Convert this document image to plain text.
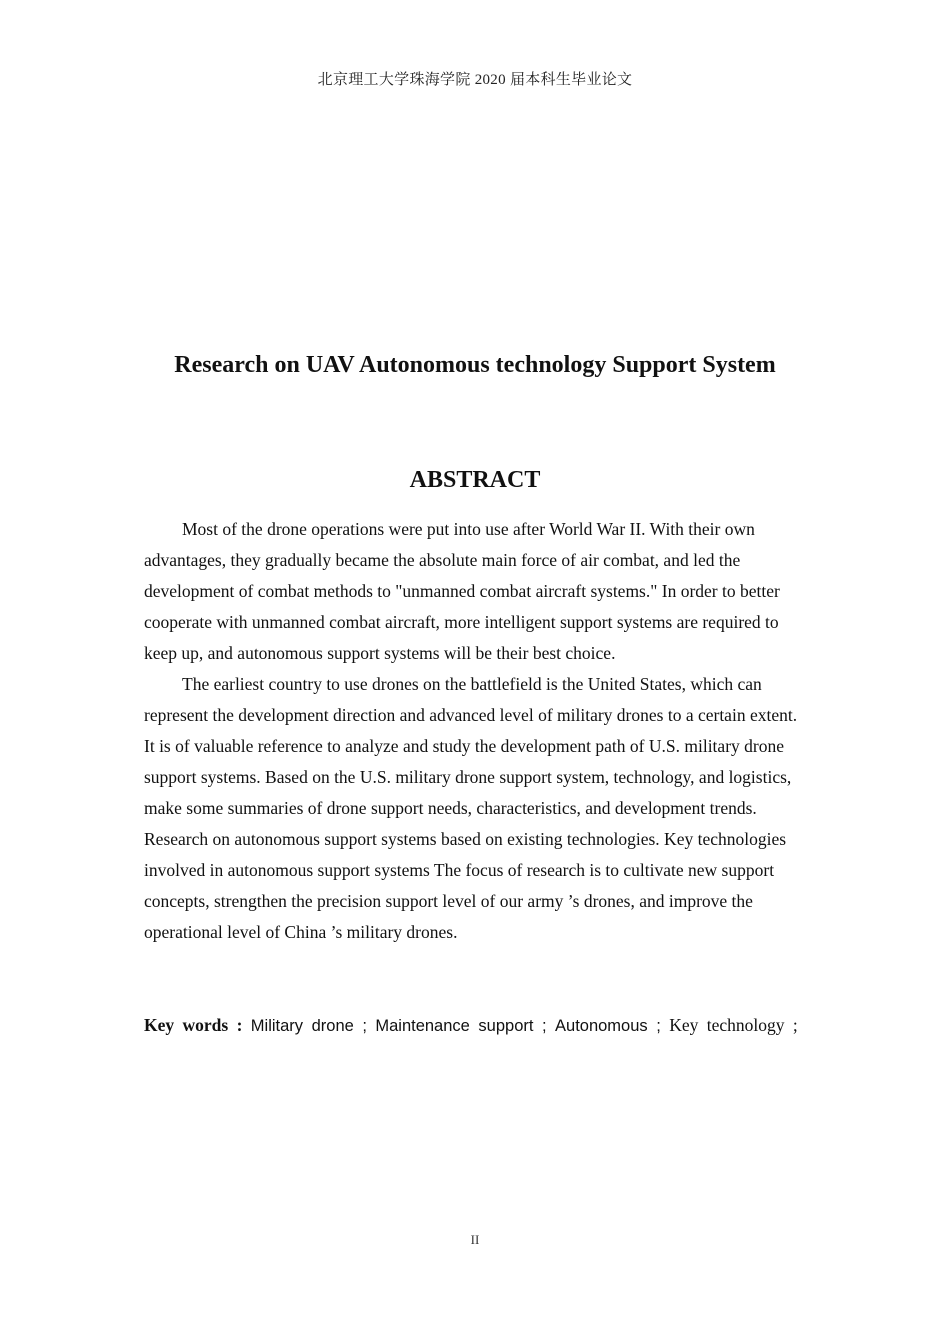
北京理工大学珠海学院 2020 届本科生毕业论文
Research on UAV Autonomous technology Support System
ABSTRACT

Most of the drone operations were put into use after World War II. With their own advantages, they gradually became the absolute main force of air combat, and led the development of combat methods to "unmanned combat aircraft systems." In order to better cooperate with unmanned combat aircraft, more intelligent support systems are required to keep up, and autonomous support systems will be their best choice.

The earliest country to use drones on the battlefield is the United States, which can represent the development direction and advanced level of military drones to a certain extent. It is of valuable reference to analyze and study the development path of U.S. military drone support systems. Based on the U.S. military drone support system, technology, and logistics, make some summaries of drone support needs, characteristics, and development trends. Research on autonomous support systems based on existing technologies. Key technologies involved in autonomous support systems The focus of research is to cultivate new support concepts, strengthen the precision support level of our army ’s drones, and improve the operational level of China ’s military drones.

Key words : Military drone ; Maintenance support ; Autonomous ; Key technology ;
II
